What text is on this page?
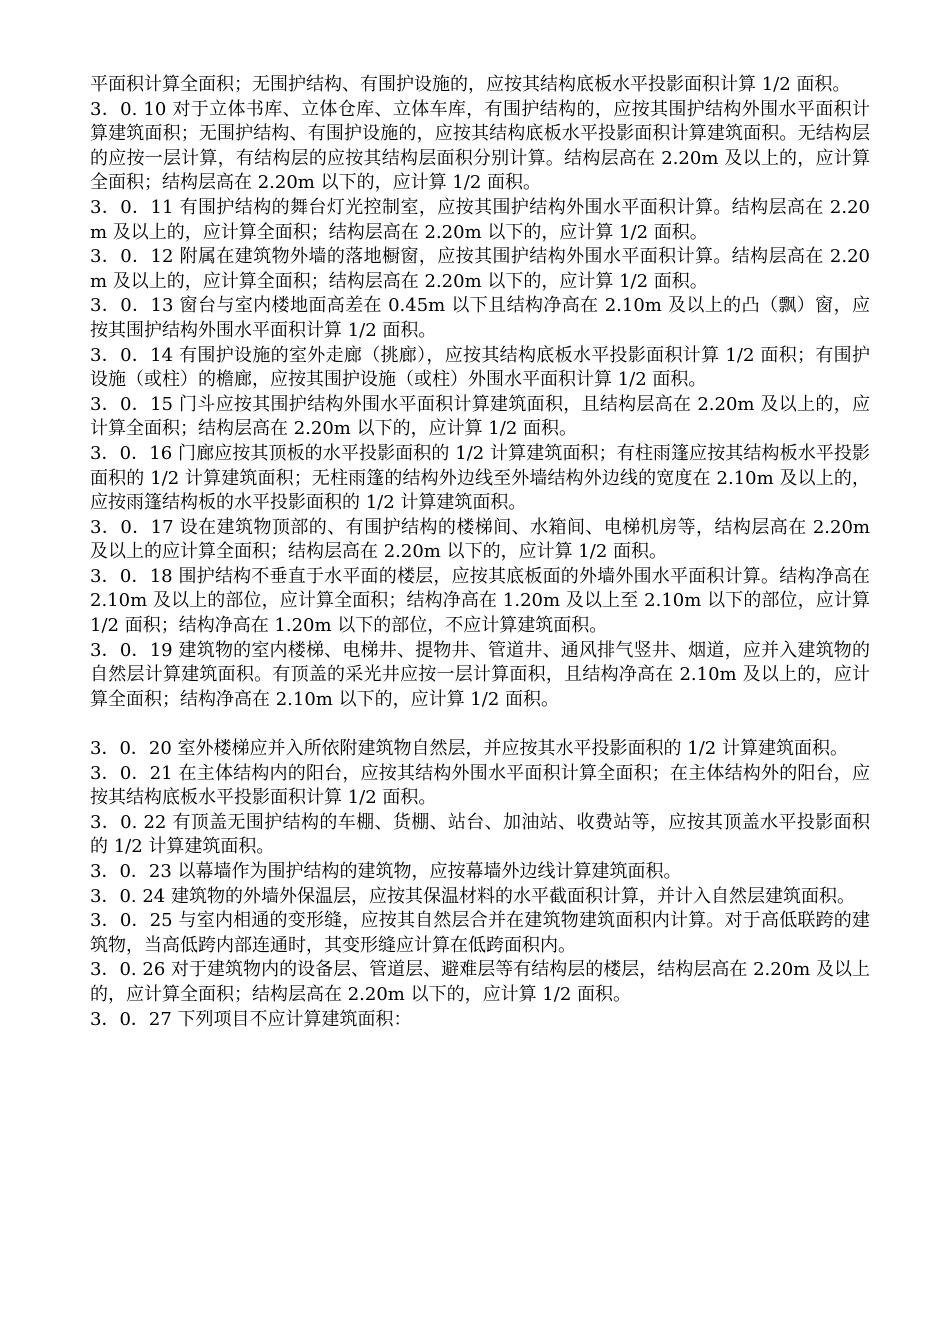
平面积计算全面积；无围护结构、有围护设施的，应按其结构底板水平投影面积计算 1/2 面积。

3．0. 10 对于立体书库、立体仓库、立体车库，有围护结构的，应按其围护结构外围水平面积计算建筑面积；无围护结构、有围护设施的，应按其结构底板水平投影面积计算建筑面积。无结构层的应按一层计算，有结构层的应按其结构层面积分别计算。结构层高在 2.20m 及以上的，应计算全面积；结构层高在 2.20m 以下的，应计算 1/2 面积。

3．0．11 有围护结构的舞台灯光控制室，应按其围护结构外围水平面积计算。结构层高在 2.20m 及以上的，应计算全面积；结构层高在 2.20m 以下的，应计算 1/2 面积。

3．0．12 附属在建筑物外墙的落地橱窗，应按其围护结构外围水平面积计算。结构层高在 2.20m 及以上的，应计算全面积；结构层高在 2.20m 以下的，应计算 1/2 面积。

3．0．13 窗台与室内楼地面高差在 0.45m 以下且结构净高在 2.10m 及以上的凸（飘）窗，应按其围护结构外围水平面积计算 1/2 面积。

3．0．14 有围护设施的室外走廊（挑廊），应按其结构底板水平投影面积计算 1/2 面积；有围护设施（或柱）的檐廊，应按其围护设施（或柱）外围水平面积计算 1/2 面积。

3．0．15 门斗应按其围护结构外围水平面积计算建筑面积，且结构层高在 2.20m 及以上的，应计算全面积；结构层高在 2.20m 以下的，应计算 1/2 面积。

3．0．16 门廊应按其顶板的水平投影面积的 1/2 计算建筑面积；有柱雨篷应按其结构板水平投影面积的 1/2 计算建筑面积；无柱雨篷的结构外边线至外墙结构外边线的宽度在 2.10m 及以上的，应按雨篷结构板的水平投影面积的 1/2 计算建筑面积。

3．0．17 设在建筑物顶部的、有围护结构的楼梯间、水箱间、电梯机房等，结构层高在 2.20m 及以上的应计算全面积；结构层高在 2.20m 以下的，应计算 1/2 面积。

3．0．18 围护结构不垂直于水平面的楼层，应按其底板面的外墙外围水平面积计算。结构净高在 2.10m 及以上的部位，应计算全面积；结构净高在 1.20m 及以上至 2.10m 以下的部位，应计算 1/2 面积；结构净高在 1.20m 以下的部位，不应计算建筑面积。

3．0．19 建筑物的室内楼梯、电梯井、提物井、管道井、通风排气竖井、烟道，应并入建筑物的自然层计算建筑面积。有顶盖的采光井应按一层计算面积，且结构净高在 2.10m 及以上的，应计算全面积；结构净高在 2.10m 以下的，应计算 1/2 面积。

3．0．20 室外楼梯应并入所依附建筑物自然层，并应按其水平投影面积的 1/2 计算建筑面积。

3．0．21 在主体结构内的阳台，应按其结构外围水平面积计算全面积；在主体结构外的阳台，应按其结构底板水平投影面积计算 1/2 面积。

3．0. 22 有顶盖无围护结构的车棚、货棚、站台、加油站、收费站等，应按其顶盖水平投影面积的 1/2 计算建筑面积。

3．0．23 以幕墙作为围护结构的建筑物，应按幕墙外边线计算建筑面积。

3．0. 24 建筑物的外墙外保温层，应按其保温材料的水平截面积计算，并计入自然层建筑面积。

3．0．25 与室内相通的变形缝，应按其自然层合并在建筑物建筑面积内计算。对于高低联跨的建筑物，当高低跨内部连通时，其变形缝应计算在低跨面积内。

3．0. 26 对于建筑物内的设备层、管道层、避难层等有结构层的楼层，结构层高在 2.20m 及以上的，应计算全面积；结构层高在 2.20m 以下的，应计算 1/2 面积。

3．0．27 下列项目不应计算建筑面积：
